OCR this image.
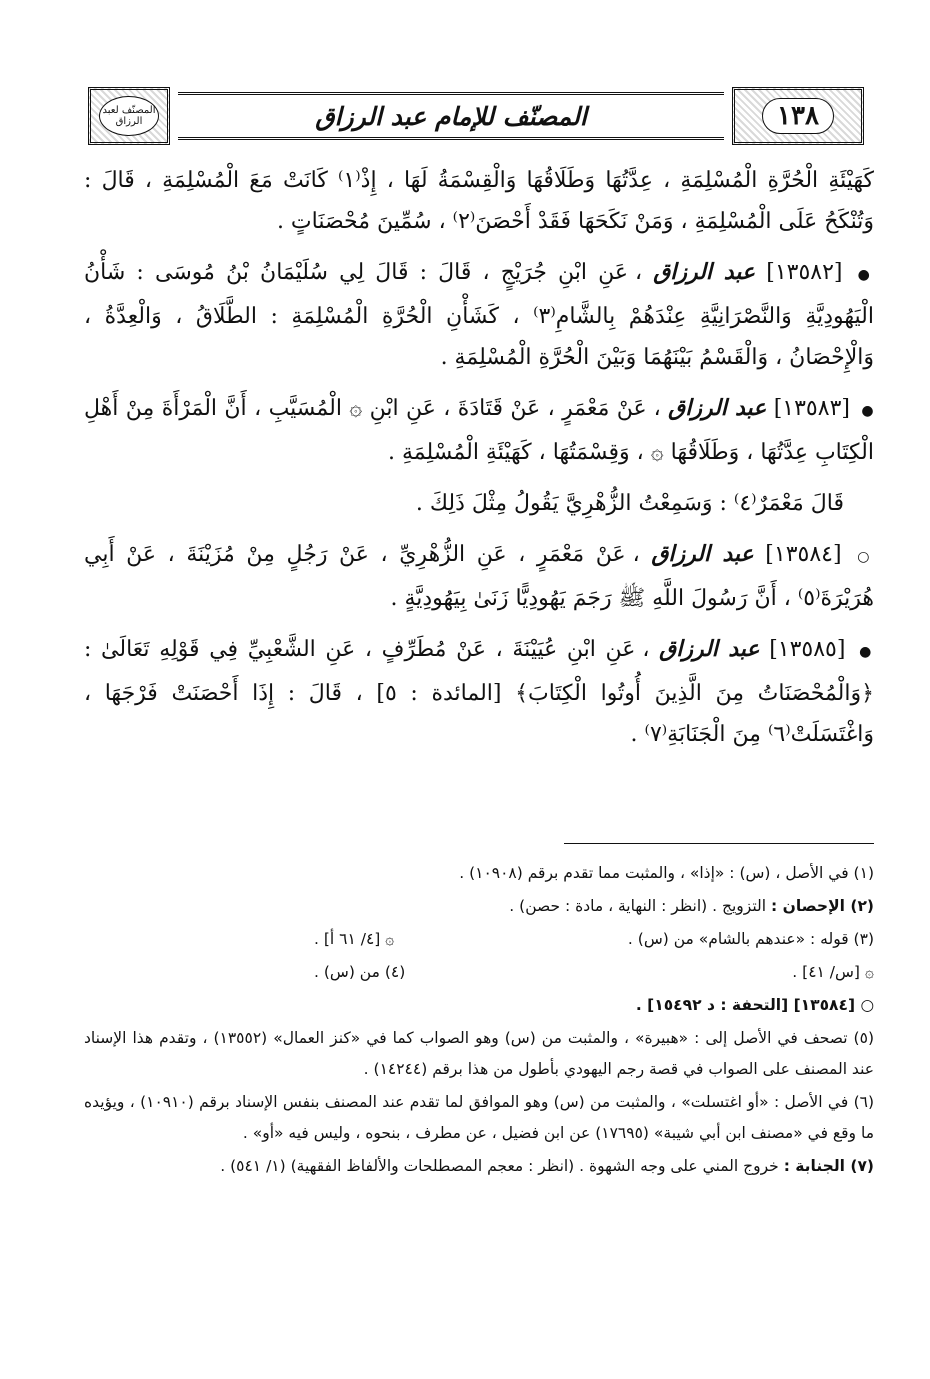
المصنّف لعبد الرزاق	المصنّف للإمام عبد الرزاق	١٣٨

كَهَيْئَةِ الْحُرَّةِ الْمُسْلِمَةِ ، عِدَّتُهَا وَطَلَاقُهَا وَالْقِسْمَةُ لَهَا ، إِذْ⁽١⁾ كَانَتْ مَعَ الْمُسْلِمَةِ ، قَالَ : وَتُنْكَحُ عَلَى الْمُسْلِمَةِ ، وَمَنْ نَكَحَهَا فَقَدْ أَحْصَنَ⁽٢⁾ ، سُمِّينَ مُحْصَنَاتٍ .

● [١٣٥٨٢] عبد الرزاق ، عَنِ ابْنِ جُرَيْجٍ ، قَالَ : قَالَ لِي سُلَيْمَانُ بْنُ مُوسَى : شَأْنُ الْيَهُودِيَّةِ وَالنَّصْرَانِيَّةِ عِنْدَهُمْ بِالشَّامِ⁽٣⁾ ، كَشَأْنِ الْحُرَّةِ الْمُسْلِمَةِ : الطَّلَاقُ ، وَالْعِدَّةُ ، وَالْإِحْصَانُ ، وَالْقَسْمُ بَيْنَهُمَا وَبَيْنَ الْحُرَّةِ الْمُسْلِمَةِ .

● [١٣٥٨٣] عبد الرزاق ، عَنْ مَعْمَرٍ ، عَنْ قَتَادَةَ ، عَنِ ابْنِ ۞ الْمُسَيَّبِ ، أَنَّ الْمَرْأَةَ مِنْ أَهْلِ الْكِتَابِ عِدَّتُهَا ، وَطَلَاقُهَا ۞ ، وَقِسْمَتُهَا ، كَهَيْئَةِ الْمُسْلِمَةِ .

قَالَ مَعْمَرٌ⁽٤⁾ : وَسَمِعْتُ الزُّهْرِيَّ يَقُولُ مِثْلَ ذَلِكَ .

○ [١٣٥٨٤] عبد الرزاق ، عَنْ مَعْمَرٍ ، عَنِ الزُّهْرِيِّ ، عَنْ رَجُلٍ مِنْ مُزَيْنَةَ ، عَنْ أَبِي هُرَيْرَةَ⁽٥⁾ ، أَنَّ رَسُولَ اللَّهِ ﷺ رَجَمَ يَهُودِيًّا زَنَىٰ بِيَهُودِيَّةٍ .

● [١٣٥٨٥] عبد الرزاق ، عَنِ ابْنِ عُيَيْنَةَ ، عَنْ مُطَرِّفٍ ، عَنِ الشَّعْبِيِّ فِي قَوْلِهِ تَعَالَىٰ : ﴿وَالْمُحْصَنَاتُ مِنَ الَّذِينَ أُوتُوا الْكِتَابَ﴾ [المائدة : ٥] ، قَالَ : إِذَا أَحْصَنَتْ فَرْجَهَا ، وَاغْتَسَلَتْ⁽٦⁾ مِنَ الْجَنَابَةِ⁽٧⁾ .

(١) في الأصل ، (س) : «إذا» ، والمثبت مما تقدم برقم (١٠٩٠٨) .

(٢) الإحصان : التزويج . (انظر : النهاية ، مادة : حصن) .

(٣) قوله : «عندهم بالشام» من (س) .
۞ [٤/ ٦١ أ] .

۞ [س/ ٤١] .
(٤) من (س) .

○ [١٣٥٨٤] [التحفة : د ١٥٤٩٢] .

(٥) تصحف في الأصل إلى : «هبيرة» ، والمثبت من (س) وهو الصواب كما في «كنز العمال» (١٣٥٥٢) ، وتقدم هذا الإسناد عند المصنف على الصواب في قصة رجم اليهودي بأطول من هذا برقم (١٤٢٤٤) .

(٦) في الأصل : «أو اغتسلت» ، والمثبت من (س) وهو الموافق لما تقدم عند المصنف بنفس الإسناد برقم (١٠٩١٠) ، ويؤيده ما وقع في «مصنف ابن أبي شيبة» (١٧٦٩٥) عن ابن فضيل ، عن مطرف ، بنحوه ، وليس فيه «أو» .

(٧) الجنابة : خروج المني على وجه الشهوة . (انظر : معجم المصطلحات والألفاظ الفقهية) (١/ ٥٤١) .
